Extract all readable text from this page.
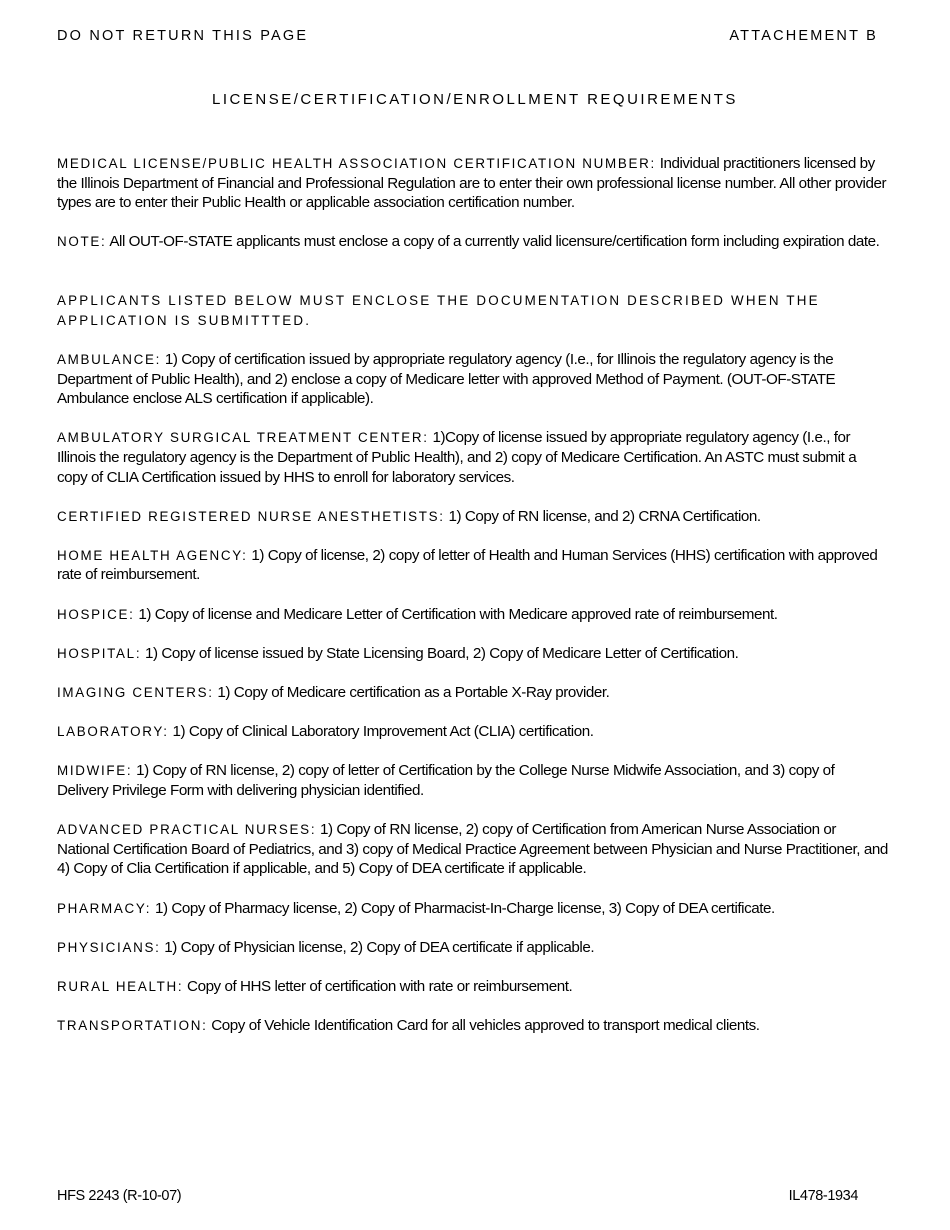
DO NOT RETURN THIS PAGE	ATTACHEMENT B
LICENSE/CERTIFICATION/ENROLLMENT REQUIREMENTS

MEDICAL LICENSE/PUBLIC HEALTH ASSOCIATION CERTIFICATION NUMBER: Individual practitioners licensed by the Illinois Department of Financial and Professional Regulation are to enter their own professional license number. All other provider types are to enter their Public Health or applicable association certification number.

NOTE: All OUT-OF-STATE applicants must enclose a copy of a currently valid licensure/certification form including expiration date.

APPLICANTS LISTED BELOW MUST ENCLOSE THE DOCUMENTATION DESCRIBED WHEN THE APPLICATION IS SUBMITTTED.

AMBULANCE: 1) Copy of certification issued by appropriate regulatory agency (I.e., for Illinois the regulatory agency is the Department of Public Health), and 2) enclose a copy of Medicare letter with approved Method of Payment. (OUT-OF-STATE Ambulance enclose ALS certification if applicable).

AMBULATORY SURGICAL TREATMENT CENTER: 1)Copy of license issued by appropriate regulatory agency (I.e., for Illinois the regulatory agency is the Department of Public Health), and 2) copy of Medicare Certification. An ASTC must submit a copy of CLIA Certification issued by HHS to enroll for laboratory services.

CERTIFIED REGISTERED NURSE ANESTHETISTS: 1) Copy of RN license, and 2) CRNA Certification.

HOME HEALTH AGENCY: 1) Copy of license, 2) copy of letter of Health and Human Services (HHS) certification with approved rate of reimbursement.

HOSPICE: 1) Copy of license and Medicare Letter of Certification with Medicare approved rate of reimbursement.

HOSPITAL: 1) Copy of license issued by State Licensing Board, 2) Copy of Medicare Letter of Certification.

IMAGING CENTERS: 1) Copy of Medicare certification as a Portable X-Ray provider.

LABORATORY: 1) Copy of Clinical Laboratory Improvement Act (CLIA) certification.

MIDWIFE: 1) Copy of RN license, 2) copy of letter of Certification by the College Nurse Midwife Association, and 3) copy of Delivery Privilege Form with delivering physician identified.

ADVANCED PRACTICAL NURSES: 1) Copy of RN license, 2) copy of Certification from American Nurse Association or National Certification Board of Pediatrics, and 3) copy of Medical Practice Agreement between Physician and Nurse Practitioner, and 4) Copy of Clia Certification if applicable, and 5) Copy of DEA certificate if applicable.

PHARMACY: 1) Copy of Pharmacy license, 2) Copy of Pharmacist-In-Charge license, 3) Copy of DEA certificate.

PHYSICIANS: 1) Copy of Physician license, 2) Copy of DEA certificate if applicable.

RURAL HEALTH: Copy of HHS letter of certification with rate or reimbursement.

TRANSPORTATION: Copy of Vehicle Identification Card for all vehicles approved to transport medical clients.

HFS 2243 (R-10-07)	IL478-1934
